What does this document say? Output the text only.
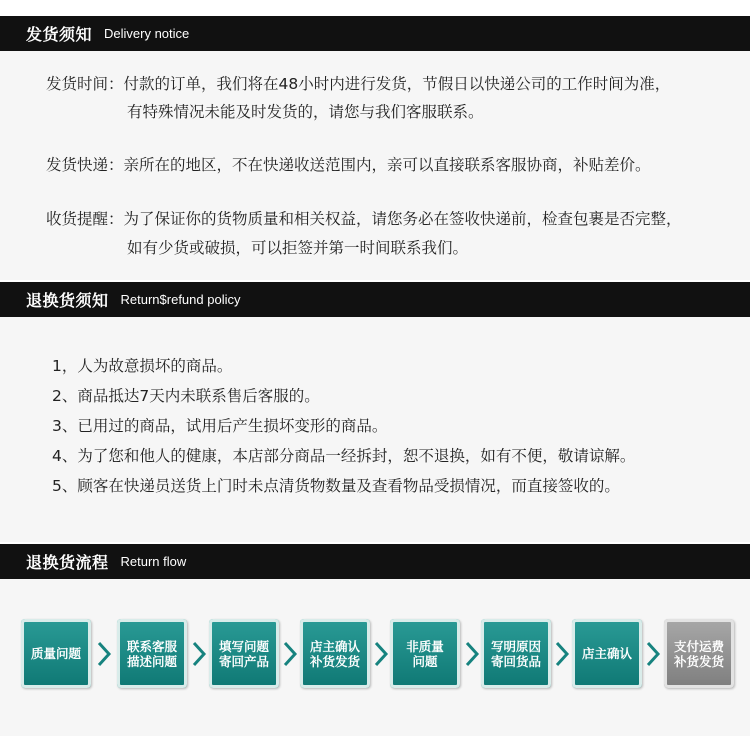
发货须知 Delivery notice
发货时间：付款的订单，我们将在48小时内进行发货，节假日以快递公司的工作时间为准，
有特殊情况未能及时发货的，请您与我们客服联系。
发货快递：亲所在的地区，不在快递收送范围内，亲可以直接联系客服协商，补贴差价。
收货提醒：为了保证你的货物质量和相关权益，请您务必在签收快递前，检查包裹是否完整，
如有少货或破损，可以拒签并第一时间联系我们。
退换货须知 Return$refund policy
1，人为故意损坏的商品。
2、商品抵达7天内未联系售后客服的。
3、已用过的商品，试用后产生损坏变形的商品。
4、为了您和他人的健康，本店部分商品一经拆封，恕不退换，如有不便，敬请谅解。
5、顾客在快递员送货上门时未点清货物数量及查看物品受损情况，而直接签收的。
退换货流程 Return flow
质量问题	联系客服
描述问题
填写问题
寄回产品
店主确认
补货发货
非质量
问题
写明原因
寄回货品	店主确认	支付运费
补货发货
